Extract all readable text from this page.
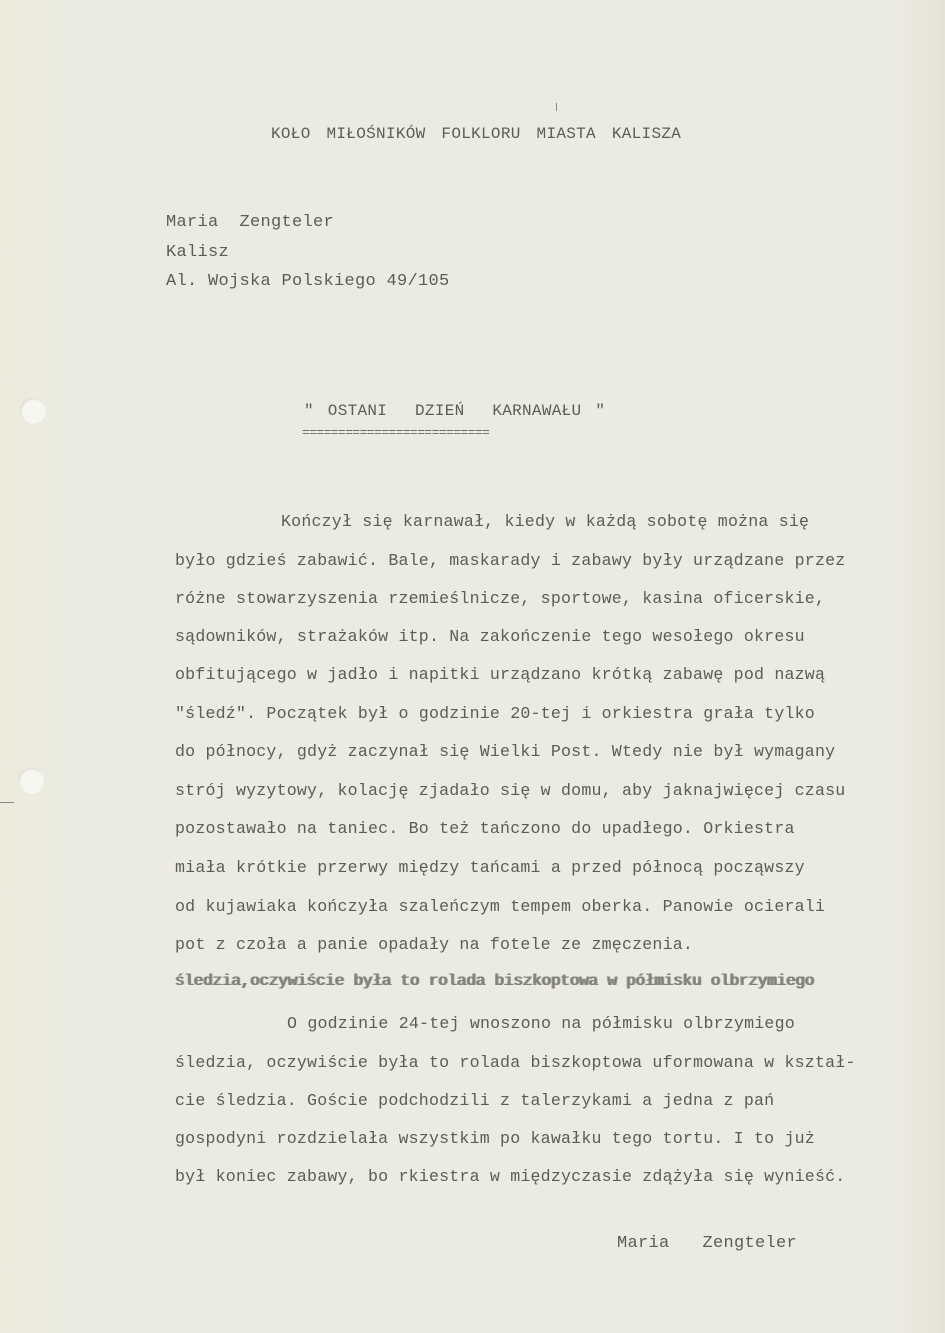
KOŁO MIŁOŚNIKÓW FOLKLORU MIASTA KALISZA
Maria  Zengteler
Kalisz
Al. Wojska Polskiego 49/105
" OSTANI  DZIEŃ  KARNAWAŁU "
==========================
Kończył się karnawał, kiedy w każdą sobotę można się
było gdzieś zabawić. Bale, maskarady i zabawy były urządzane przez
różne stowarzyszenia rzemieślnicze, sportowe, kasina oficerskie,
sądowników, strażaków itp. Na zakończenie tego wesołego okresu
obfitującego w jadło i napitki urządzano krótką zabawę pod nazwą
"śledź". Początek był o godzinie 20-tej i orkiestra grała tylko
do północy, gdyż zaczynał się Wielki Post. Wtedy nie był wymagany
strój wyzytowy, kolację zjadało się w domu, aby jaknajwięcej czasu
pozostawało na taniec. Bo też tańczono do upadłego. Orkiestra
miała krótkie przerwy między tańcami a przed północą począwszy
od kujawiaka kończyła szaleńczym tempem oberka. Panowie ocierali
pot z czoła a panie opadały na fotele ze zmęczenia.
śledzia,oczywiście była to rolada biszkoptowa w półmisku olbrzymiego
O godzinie 24-tej wnoszono na półmisku olbrzymiego
śledzia, oczywiście była to rolada biszkoptowa uformowana w kształ-
cie śledzia. Goście podchodzili z talerzykami a jedna z pań
gospodyni rozdzielała wszystkim po kawałku tego tortu. I to już
był koniec zabawy, bo rkiestra w międzyczasie zdążyła się wynieść.
Maria  Zengteler
